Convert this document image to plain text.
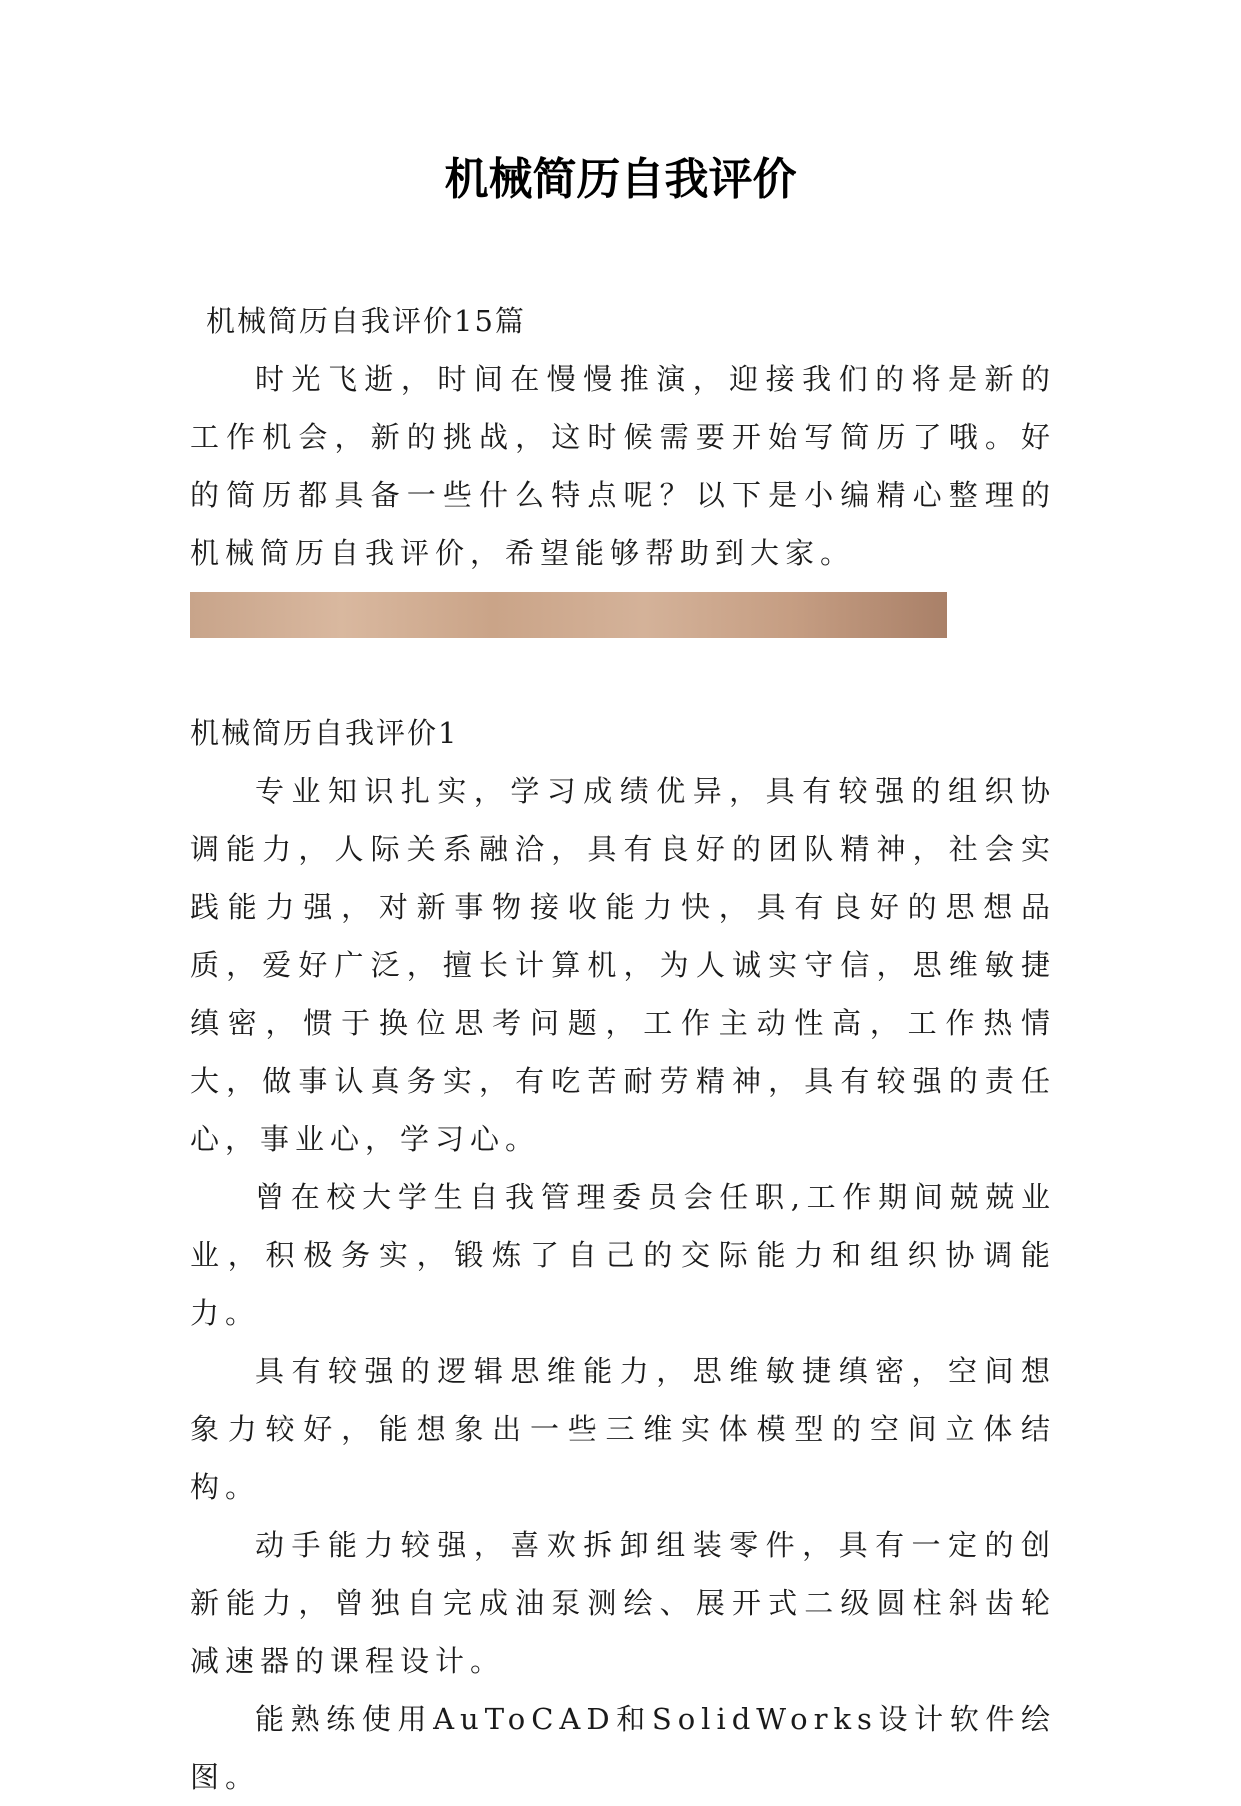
机械简历自我评价

机械简历自我评价15篇

时光飞逝，时间在慢慢推演，迎接我们的将是新的工作机会，新的挑战，这时候需要开始写简历了哦。好的简历都具备一些什么特点呢？以下是小编精心整理的机械简历自我评价，希望能够帮助到大家。

机械简历自我评价1

专业知识扎实，学习成绩优异，具有较强的组织协调能力，人际关系融洽，具有良好的团队精神，社会实践能力强，对新事物接收能力快，具有良好的思想品质，爱好广泛，擅长计算机，为人诚实守信，思维敏捷缜密，惯于换位思考问题，工作主动性高，工作热情大，做事认真务实，有吃苦耐劳精神，具有较强的责任心，事业心，学习心。

曾在校大学生自我管理委员会任职,工作期间兢兢业业，积极务实，锻炼了自己的交际能力和组织协调能力。

具有较强的逻辑思维能力，思维敏捷缜密，空间想象力较好，能想象出一些三维实体模型的空间立体结构。

动手能力较强，喜欢拆卸组装零件，具有一定的创新能力，曾独自完成油泵测绘、展开式二级圆柱斜齿轮减速器的课程设计。

能熟练使用AuToCAD和SolidWorks设计软件绘图。
